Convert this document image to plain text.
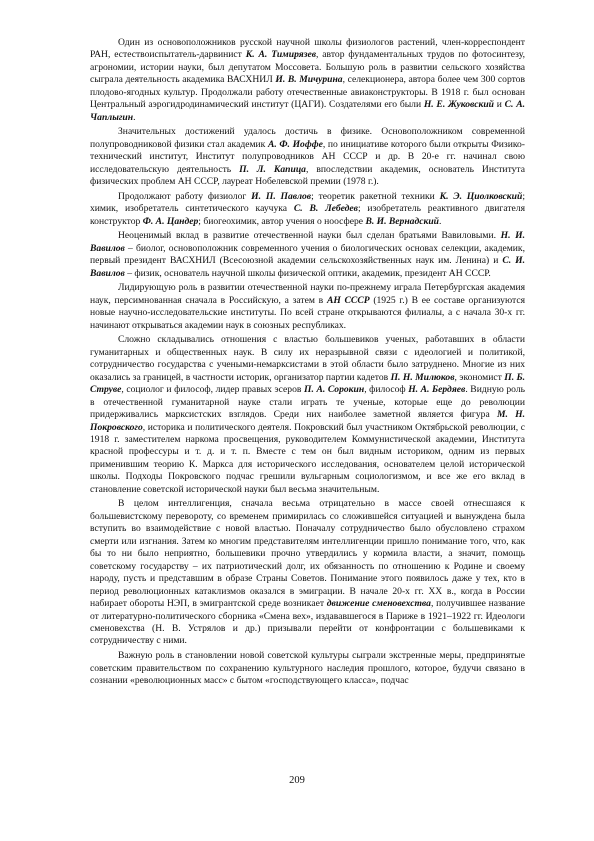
Один из основоположников русской научной школы физиологов растений, член-корреспондент РАН, естествоиспытатель-дарвинист К. А. Тимирязев, автор фундаментальных трудов по фотосинтезу, агрономии, истории науки, был депутатом Моссовета. Большую роль в развитии сельского хозяйства сыграла деятельность академика ВАСХНИЛ И. В. Мичурина, селекционера, автора более чем 300 сортов плодово-ягодных культур. Продолжали работу отечественные авиаконструкторы. В 1918 г. был основан Центральный аэрогидродинамический институт (ЦАГИ). Создателями его были Н. Е. Жуковский и С. А. Чаплыгин.

Значительных достижений удалось достичь в физике. Основоположником современной полупроводниковой физики стал академик А. Ф. Иоффе, по инициативе которого были открыты Физико-технический институт, Институт полупроводников АН СССР и др. В 20-е гг. начинал свою исследовательскую деятельность П. Л. Капица, впоследствии академик, основатель Института физических проблем АН СССР, лауреат Нобелевской премии (1978 г.).

Продолжают работу физиолог И. П. Павлов; теоретик ракетной техники К. Э. Циолковский; химик, изобретатель синтетического каучука С. В. Лебедев; изобретатель реактивного двигателя конструктор Ф. А. Цандер; биогеохимик, автор учения о ноосфере В. И. Вернадский.

Неоценимый вклад в развитие отечественной науки был сделан братьями Вавиловыми. Н. И. Вавилов – биолог, основоположник современного учения о биологических основах селекции, академик, первый президент ВАСХНИЛ (Всесоюзной академии сельскохозяйственных наук им. Ленина) и С. И. Вавилов – физик, основатель научной школы физической оптики, академик, президент АН СССР.

Лидирующую роль в развитии отечественной науки по-прежнему играла Петербургская академия наук, персимнованная сначала в Российскую, а затем в АН СССР (1925 г.) В ее составе организуются новые научно-исследовательские институты. По всей стране открываются филиалы, а с начала 30-х гг. начинают открываться академии наук в союзных республиках.

Сложно складывались отношения с властью большевиков ученых, работавших в области гуманитарных и общественных наук. В силу их неразрывной связи с идеологией и политикой, сотрудничество государства с учеными-немарксистами в этой области было затруднено. Многие из них оказались за границей, в частности историк, организатор партии кадетов П. Н. Милюков, экономист П. Б. Струве, социолог и философ, лидер правых эсеров П. А. Сорокин, философ Н. А. Бердяев. Видную роль в отечественной гуманитарной науке стали играть те ученые, которые еще до революции придерживались марксистских взглядов. Среди них наиболее заметной является фигура М. Н. Покровского, историка и политического деятеля. Покровский был участником Октябрьской революции, с 1918 г. заместителем наркома просвещения, руководителем Коммунистической академии, Института красной профессуры и т. д. и т. п. Вместе с тем он был видным историком, одним из первых применившим теорию К. Маркса для исторического исследования, основателем целой исторической школы. Подходы Покровского подчас грешили вульгарным социологизмом, и все же его вклад в становление советской исторической науки был весьма значительным.

В целом интеллигенция, сначала весьма отрицательно в массе своей отнесшаяся к большевистскому перевороту, со временем примирилась со сложившейся ситуацией и вынуждена была вступить во взаимодействие с новой властью. Поначалу сотрудничество было обусловлено страхом смерти или изгнания. Затем ко многим представителям интеллигенции пришло понимание того, что, как бы то ни было неприятно, большевики прочно утвердились у кормила власти, а значит, помощь советскому государству – их патриотический долг, их обязанность по отношению к Родине и своему народу, пусть и представшим в образе Страны Советов. Понимание этого появилось даже у тех, кто в период революционных катаклизмов оказался в эмиграции. В начале 20-х гг. XX в., когда в России набирает обороты НЭП, в эмигрантской среде возникает движение сменовехства, получившее название от литературно-политического сборника «Смена вех», издававшегося в Париже в 1921–1922 гг. Идеологи сменовехства (Н. В. Устрялов и др.) призывали перейти от конфронтации с большевиками к сотрудничеству с ними.

Важную роль в становлении новой советской культуры сыграли экстренные меры, предпринятые советским правительством по сохранению культурного наследия прошлого, которое, будучи связано в сознании «революционных масс» с бытом «господствующего класса», подчас

209
